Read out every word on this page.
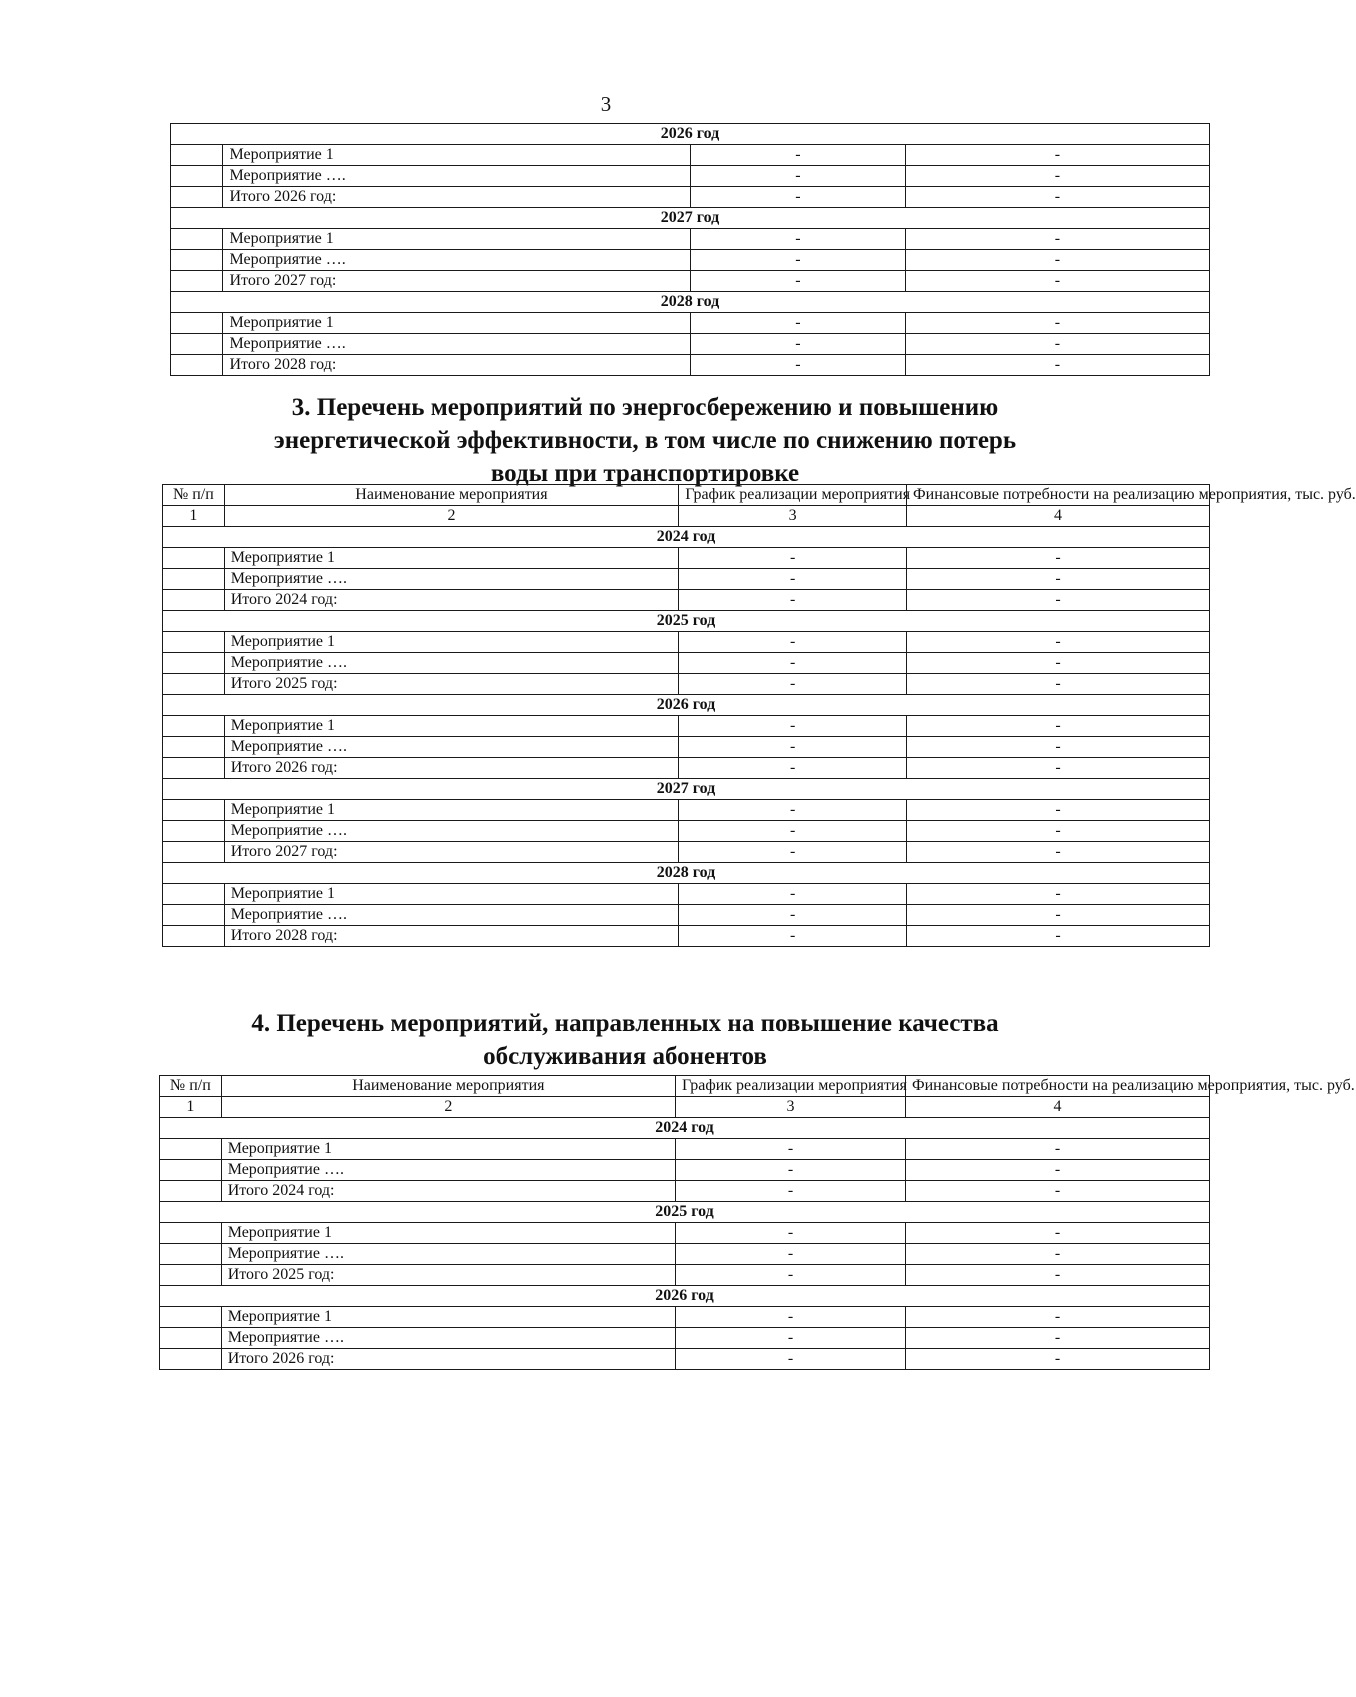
3
2026 год			
	Мероприятие 1	-	-
	Мероприятие ….	-	-
	Итого 2026 год:	-	-
2027 год			
	Мероприятие 1	-	-
	Мероприятие ….	-	-
	Итого 2027 год:	-	-
2028 год			
	Мероприятие 1	-	-
	Мероприятие ….	-	-
	Итого 2028 год:	-	-
3. Перечень мероприятий по энергосбережению и повышению энергетической эффективности, в том числе по снижению потерь воды при транспортировке
№ п/п	Наименование мероприятия	График реализации мероприятия	Финансовые потребности на реализацию мероприятия, тыс. руб.
1	2	3	4
2024 год			
	Мероприятие 1	-	-
	Мероприятие ….	-	-
	Итого 2024 год:	-	-
2025 год			
	Мероприятие 1	-	-
	Мероприятие ….	-	-
	Итого 2025 год:	-	-
2026 год			
	Мероприятие 1	-	-
	Мероприятие ….	-	-
	Итого 2026 год:	-	-
2027 год			
	Мероприятие 1	-	-
	Мероприятие ….	-	-
	Итого 2027 год:	-	-
2028 год			
	Мероприятие 1	-	-
	Мероприятие ….	-	-
	Итого 2028 год:	-	-
4. Перечень мероприятий, направленных на повышение качества обслуживания абонентов
№ п/п	Наименование мероприятия	График реализации мероприятия	Финансовые потребности на реализацию мероприятия, тыс. руб.
1	2	3	4
2024 год			
	Мероприятие 1	-	-
	Мероприятие ….	-	-
	Итого 2024 год:	-	-
2025 год			
	Мероприятие 1	-	-
	Мероприятие ….	-	-
	Итого 2025 год:	-	-
2026 год			
	Мероприятие 1	-	-
	Мероприятие ….	-	-
	Итого 2026 год:	-	-
